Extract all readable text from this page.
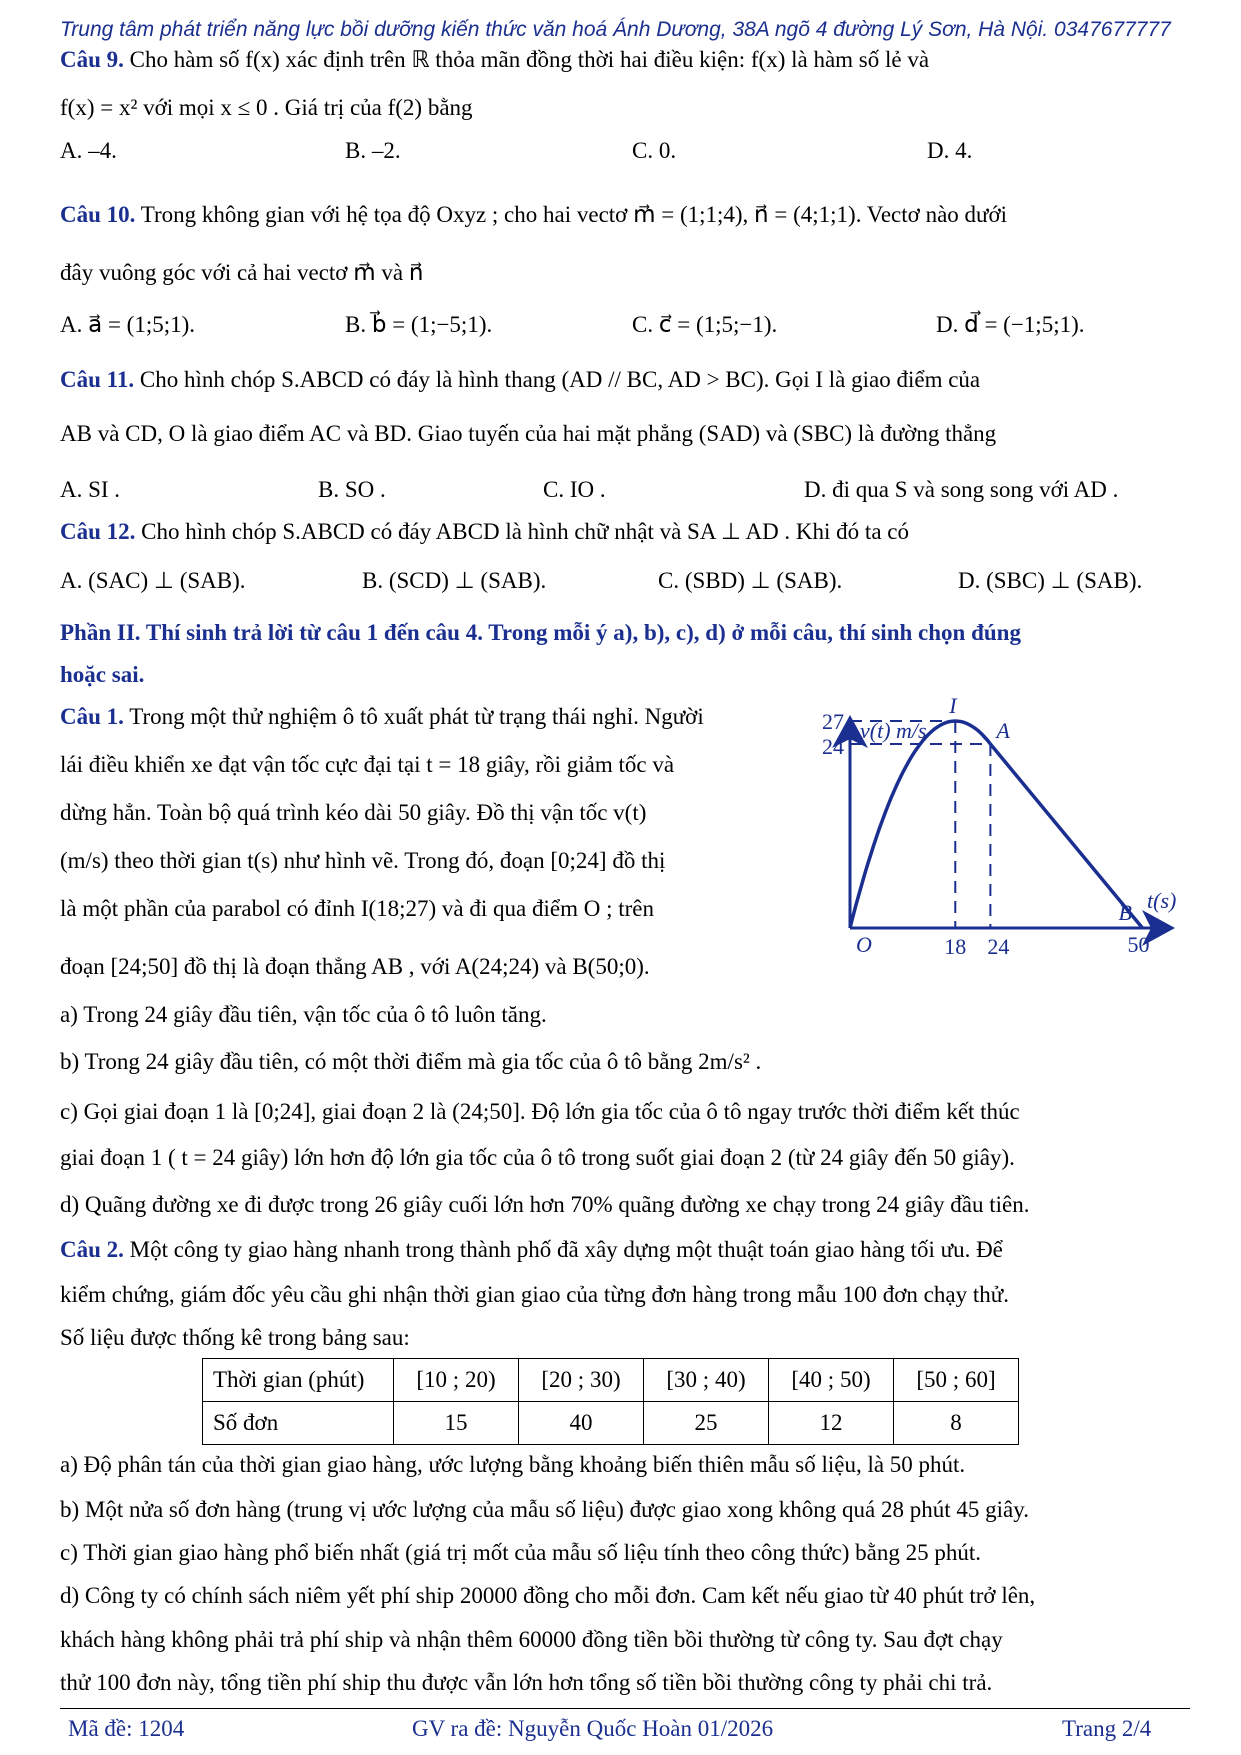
Trung tâm phát triển năng lực bồi dưỡng kiến thức văn hoá Ánh Dương, 38A ngõ 4 đường Lý Sơn, Hà Nội. 0347677777
Câu 9. Cho hàm số f(x) xác định trên ℝ thỏa mãn đồng thời hai điều kiện: f(x) là hàm số lẻ và
f(x) = x² với mọi x ≤ 0 . Giá trị của f(2) bằng
A. –4.	B. –2.	C. 0.	D. 4.
Câu 10. Trong không gian với hệ tọa độ Oxyz ; cho hai vectơ m⃗ = (1;1;4), n⃗ = (4;1;1). Vectơ nào dưới
đây vuông góc với cả hai vectơ m⃗ và n⃗
A. a⃗ = (1;5;1).	B. b⃗ = (1;−5;1).	C. c⃗ = (1;5;−1).	D. d⃗ = (−1;5;1).
Câu 11. Cho hình chóp S.ABCD có đáy là hình thang (AD // BC, AD > BC). Gọi I là giao điểm của
AB và CD, O là giao điểm AC và BD. Giao tuyến của hai mặt phẳng (SAD) và (SBC) là đường thẳng
A. SI .	B. SO .	C. IO .	D. đi qua S và song song với AD .
Câu 12. Cho hình chóp S.ABCD có đáy ABCD là hình chữ nhật và SA ⊥ AD . Khi đó ta có
A. (SAC) ⊥ (SAB).	B. (SCD) ⊥ (SAB).	C. (SBD) ⊥ (SAB).	D. (SBC) ⊥ (SAB).
Phần II. Thí sinh trả lời từ câu 1 đến câu 4. Trong mỗi ý a), b), c), d) ở mỗi câu, thí sinh chọn đúng
hoặc sai.
Câu 1. Trong một thử nghiệm ô tô xuất phát từ trạng thái nghỉ. Người
lái điều khiển xe đạt vận tốc cực đại tại t = 18 giây, rồi giảm tốc và
dừng hẳn. Toàn bộ quá trình kéo dài 50 giây. Đồ thị vận tốc v(t)
(m/s) theo thời gian t(s) như hình vẽ. Trong đó, đoạn [0;24] đồ thị
là một phần của parabol có đỉnh I(18;27) và đi qua điểm O ; trên
đoạn [24;50] đồ thị là đoạn thẳng AB , với A(24;24) và B(50;0).
v(t) m/s
t(s)
27
24
18 24	50
O
I
A
B
a) Trong 24 giây đầu tiên, vận tốc của ô tô luôn tăng.
b) Trong 24 giây đầu tiên, có một thời điểm mà gia tốc của ô tô bằng 2m/s² .
c) Gọi giai đoạn 1 là [0;24], giai đoạn 2 là (24;50]. Độ lớn gia tốc của ô tô ngay trước thời điểm kết thúc
giai đoạn 1 ( t = 24 giây) lớn hơn độ lớn gia tốc của ô tô trong suốt giai đoạn 2 (từ 24 giây đến 50 giây).
d) Quãng đường xe đi được trong 26 giây cuối lớn hơn 70% quãng đường xe chạy trong 24 giây đầu tiên.
Câu 2. Một công ty giao hàng nhanh trong thành phố đã xây dựng một thuật toán giao hàng tối ưu. Để
kiểm chứng, giám đốc yêu cầu ghi nhận thời gian giao của từng đơn hàng trong mẫu 100 đơn chạy thử.
Số liệu được thống kê trong bảng sau:
Thời gian (phút)	[10 ; 20)	[20 ; 30)	[30 ; 40)	[40 ; 50)	[50 ; 60]
Số đơn	15	40	25	12	8
a) Độ phân tán của thời gian giao hàng, ước lượng bằng khoảng biến thiên mẫu số liệu, là 50 phút.
b) Một nửa số đơn hàng (trung vị ước lượng của mẫu số liệu) được giao xong không quá 28 phút 45 giây.
c) Thời gian giao hàng phổ biến nhất (giá trị mốt của mẫu số liệu tính theo công thức) bằng 25 phút.
d) Công ty có chính sách niêm yết phí ship 20000 đồng cho mỗi đơn. Cam kết nếu giao từ 40 phút trở lên,
khách hàng không phải trả phí ship và nhận thêm 60000 đồng tiền bồi thường từ công ty. Sau đợt chạy
thử 100 đơn này, tổng tiền phí ship thu được vẫn lớn hơn tổng số tiền bồi thường công ty phải chi trả.
Mã đề: 1204	GV ra đề: Nguyễn Quốc Hoàn 01/2026	Trang 2/4
